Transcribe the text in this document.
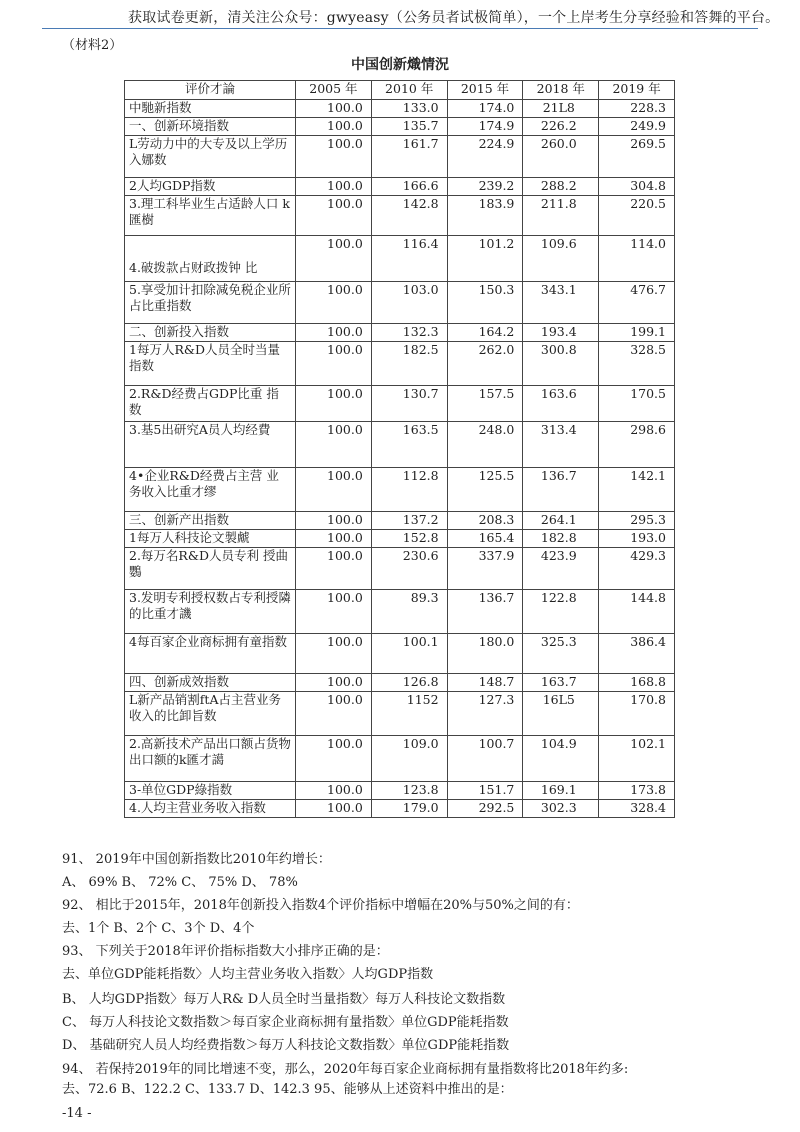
获取试卷更新，清关注公众号：gwyeasy（公务员者试极简单），一个上岸考生分享经验和答舞的平台。
（材料2）
中国创新熾情況
评价才論	2005 年	2010 年	2015 年	2018 年	2019 年
中馳新指数	100.0	133.0	174.0	21L8	228.3
一、创新环境指数	100.0	135.7	174.9	226.2	249.9
L劳动力中的大专及以上学历入娜数	100.0	161.7	224.9	260.0	269.5
2人均GDP指数	100.0	166.6	239.2	288.2	304.8
3.理工科毕业生占适龄人口 k匯樹	100.0	142.8	183.9	211.8	220.5
4.破拨款占财政拨钟 比	100.0	116.4	101.2	109.6	114.0
5.享受加计扣除减免税企业所占比重指数	100.0	103.0	150.3	343.1	476.7
二、创新投入指数	100.0	132.3	164.2	193.4	199.1
1每万人R&D人员全时当量指数	100.0	182.5	262.0	300.8	328.5
2.R&D经费占GDP比重 指数	100.0	130.7	157.5	163.6	170.5
3.基5出研究A员人均经費	100.0	163.5	248.0	313.4	298.6
4•企业R&D经费占主营 业务收入比重才缪	100.0	112.8	125.5	136.7	142.1
三、创新产出指数	100.0	137.2	208.3	264.1	295.3
1每万人科技论文製虤	100.0	152.8	165.4	182.8	193.0
2.每万名R&D人员专利 授曲鸚	100.0	230.6	337.9	423.9	429.3
3.发明专利授权数占专利授隣的比重才譏	100.0	89.3	136.7	122.8	144.8
4每百家企业商标拥有童指数	100.0	100.1	180.0	325.3	386.4
四、创新成效指数	100.0	126.8	148.7	163.7	168.8
L新产品销割ftA占主营业务收入的比卸旨数	100.0	1152	127.3	16L5	170.8
2.高新技术产品出口额占货物出口额的k匯才譪	100.0	109.0	100.7	104.9	102.1
3-单位GDP綠指数	100.0	123.8	151.7	169.1	173.8
4.人均主营业务收入指数	100.0	179.0	292.5	302.3	328.4
91、 2019年中国创新指数比2010年约增长：
A、 69% B、 72% C、 75% D、 78%
92、 相比于2015年，2018年创新投入指数4个评价指标中增幅在20%与50%之间的有：
去、1个 B、2个 C、3个 D、4个
93、 下列关于2018年评价指标指数大小排序正确的是：
去、单位GDP能耗指数〉人均主营业务收入指数〉人均GDP指数
B、 人均GDP指数〉每万人R& D人员全时当量指数〉每万人科技论文数指数
C、 每万人科技论文数指数＞每百家企业商标拥有量指数〉单位GDP能耗指数
D、 基础研究人员人均经费指数＞每万人科技论文数指数〉单位GDP能耗指数
94、 若保持2019年的同比增速不变，那么，2020年每百家企业商标拥有量指数将比2018年约多:
去、72.6 B、122.2 C、133.7 D、142.3 95、能够从上述资料中推出的是：
-14 -
